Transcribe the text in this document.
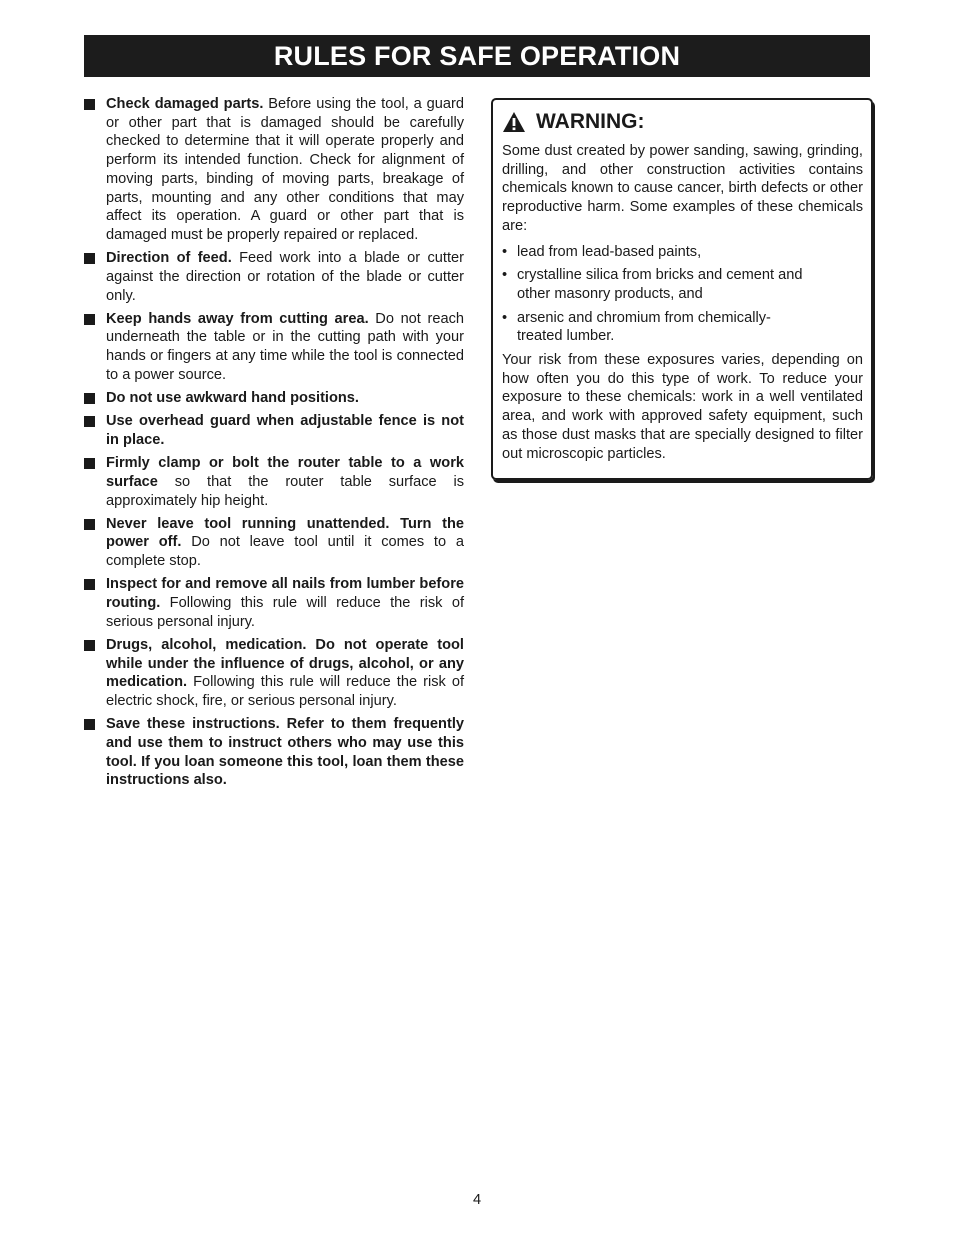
RULES FOR SAFE OPERATION
Check damaged parts. Before using the tool, a guard or other part that is damaged should be carefully checked to determine that it will operate properly and perform its intended function. Check for alignment of moving parts, binding of moving parts, breakage of parts, mounting and any other conditions that may affect its operation. A guard or other part that is damaged must be properly repaired or replaced.
Direction of feed. Feed work into a blade or cutter against the direction or rotation of the blade or cutter only.
Keep hands away from cutting area. Do not reach underneath the table or in the cutting path with your hands or fingers at any time while the tool is connected to a power source.
Do not use awkward hand positions.
Use overhead guard when adjustable fence is not in place.
Firmly clamp or bolt the router table to a work surface so that the router table surface is approximately hip height.
Never leave tool running unattended. Turn the power off. Do not leave tool until it comes to a complete stop.
Inspect for and remove all nails from lumber before routing. Following this rule will reduce the risk of serious personal injury.
Drugs, alcohol, medication. Do not operate tool while under the influence of drugs, alcohol, or any medication. Following this rule will reduce the risk of electric shock, fire, or serious personal injury.
Save these instructions. Refer to them frequently and use them to instruct others who may use this tool. If you loan someone this tool, loan them these instructions also.
WARNING:

Some dust created by power sanding, sawing, grinding, drilling, and other construction activities contains chemicals known to cause cancer, birth defects or other reproductive harm. Some examples of these chemicals are:

• lead from lead-based paints,
• crystalline silica from bricks and cement and other masonry products, and
• arsenic and chromium from chemically-treated lumber.

Your risk from these exposures varies, depending on how often you do this type of work. To reduce your exposure to these chemicals: work in a well ventilated area, and work with approved safety equipment, such as those dust masks that are specially designed to filter out microscopic particles.

4
